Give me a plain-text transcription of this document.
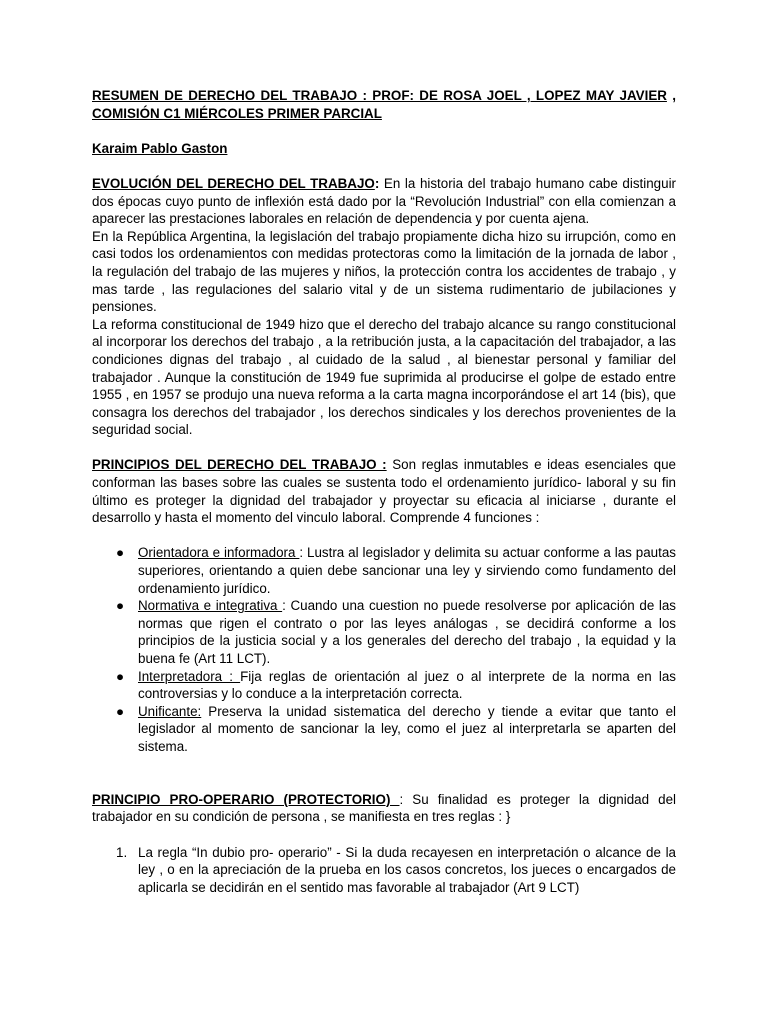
RESUMEN DE DERECHO DEL TRABAJO : PROF: DE ROSA JOEL , LOPEZ MAY JAVIER , COMISIÓN C1 MIÉRCOLES PRIMER PARCIAL

Karaim Pablo Gaston

EVOLUCIÓN DEL DERECHO DEL TRABAJO: En la historia del trabajo humano cabe distinguir dos épocas cuyo punto de inflexión está dado por la “Revolución Industrial” con ella comienzan a aparecer las prestaciones laborales en relación de dependencia y por cuenta ajena.

En la República Argentina, la legislación del trabajo propiamente dicha hizo su irrupción, como en casi todos los ordenamientos con medidas protectoras como la limitación de la jornada de labor , la regulación del trabajo de las mujeres y niños, la protección contra los accidentes de trabajo , y mas tarde , las regulaciones del salario vital y de un sistema rudimentario de jubilaciones y pensiones.

La reforma constitucional de 1949 hizo que el derecho del trabajo alcance su rango constitucional al incorporar los derechos del trabajo , a la retribución justa, a la capacitación del trabajador, a las condiciones dignas del trabajo , al cuidado de la salud , al bienestar personal y familiar del trabajador . Aunque la constitución de 1949 fue suprimida al producirse el golpe de estado entre 1955 , en 1957 se produjo una nueva reforma a la carta magna incorporándose el art 14 (bis), que consagra los derechos del trabajador , los derechos sindicales y los derechos provenientes de la seguridad social.

PRINCIPIOS DEL DERECHO DEL TRABAJO : Son reglas inmutables e ideas esenciales que conforman las bases sobre las cuales se sustenta todo el ordenamiento jurídico- laboral y su fin último es proteger la dignidad del trabajador y proyectar su eficacia al iniciarse , durante el desarrollo y hasta el momento del vinculo laboral. Comprende 4 funciones :

● Orientadora e informadora : Lustra al legislador y delimita su actuar conforme a las pautas superiores, orientando a quien debe sancionar una ley y sirviendo como fundamento del ordenamiento jurídico.
● Normativa e integrativa : Cuando una cuestion no puede resolverse por aplicación de las normas que rigen el contrato o por las leyes análogas , se decidirá conforme a los principios de la justicia social y a los generales del derecho del trabajo , la equidad y la buena fe (Art 11 LCT).
● Interpretadora : Fija reglas de orientación al juez o al interprete de la norma en las controversias y lo conduce a la interpretación correcta.
● Unificante: Preserva la unidad sistematica del derecho y tiende a evitar que tanto el legislador al momento de sancionar la ley, como el juez al interpretarla se aparten del sistema.

PRINCIPIO PRO-OPERARIO (PROTECTORIO) : Su finalidad es proteger la dignidad del trabajador en su condición de persona , se manifiesta en tres reglas : }

1. La regla “In dubio pro- operario” - Si la duda recayesen en interpretación o alcance de la ley , o en la apreciación de la prueba en los casos concretos, los jueces o encargados de aplicarla se decidirán en el sentido mas favorable al trabajador (Art 9 LCT)
